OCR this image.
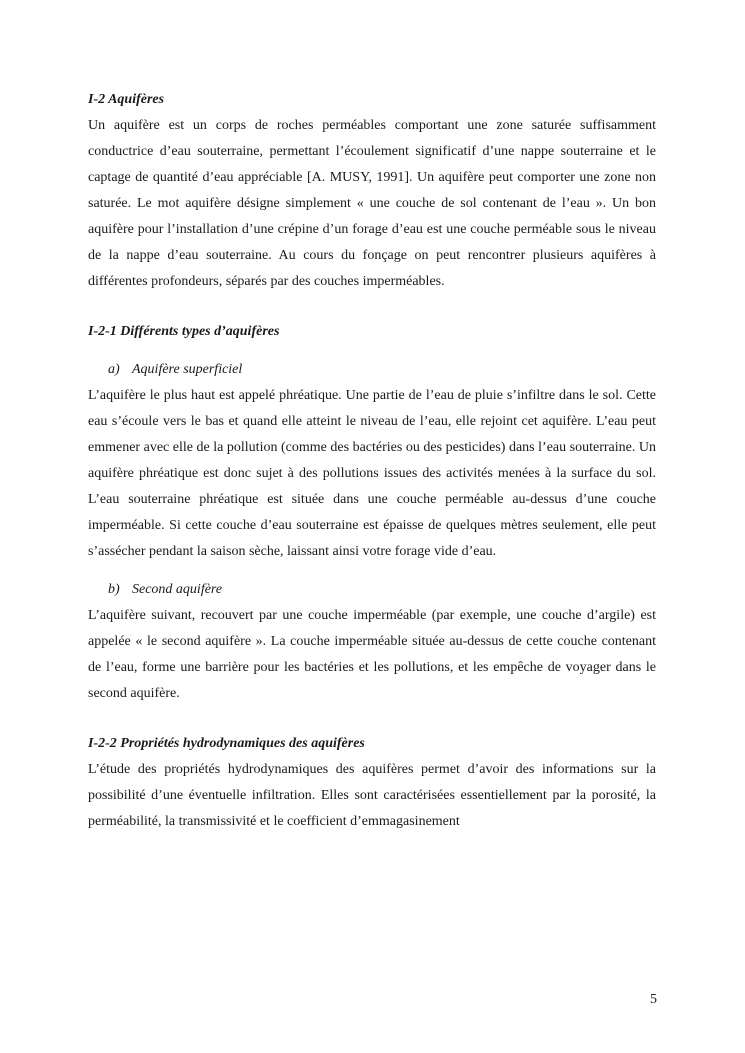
I-2 Aquifères

Un aquifère est un corps de roches perméables comportant une zone saturée suffisamment conductrice d’eau souterraine, permettant l’écoulement significatif d’une nappe souterraine et le captage de quantité d’eau appréciable [A. MUSY, 1991]. Un aquifère peut comporter une zone non saturée. Le mot aquifère désigne simplement « une couche de sol contenant de l’eau ». Un bon aquifère pour l’installation d’une crépine d’un forage d’eau est une couche perméable sous le niveau de la nappe d’eau souterraine. Au cours du fonçage on peut rencontrer plusieurs aquifères à différentes profondeurs, séparés par des couches imperméables.

I-2-1 Différents types d’aquifères

a) Aquifère superficiel

L’aquifère le plus haut est appelé phréatique. Une partie de l’eau de pluie s’infiltre dans le sol. Cette eau s’écoule vers le bas et quand elle atteint le niveau de l’eau, elle rejoint cet aquifère. L’eau peut emmener avec elle de la pollution (comme des bactéries ou des pesticides) dans l’eau souterraine. Un aquifère phréatique est donc sujet à des pollutions issues des activités menées à la surface du sol. L’eau souterraine phréatique est située dans une couche perméable au-dessus d’une couche imperméable. Si cette couche d’eau souterraine est épaisse de quelques mètres seulement, elle peut s’assécher pendant la saison sèche, laissant ainsi votre forage vide d’eau.

b) Second aquifère

L’aquifère suivant, recouvert par une couche imperméable (par exemple, une couche d’argile) est appelée « le second aquifère ». La couche imperméable située au-dessus de cette couche contenant de l’eau, forme une barrière pour les bactéries et les pollutions, et les empêche de voyager dans le second aquifère.

I-2-2 Propriétés hydrodynamiques des aquifères

L’étude des propriétés hydrodynamiques des aquifères permet d’avoir des informations sur la possibilité d’une éventuelle infiltration. Elles sont caractérisées essentiellement par la porosité, la perméabilité, la transmissivité et le coefficient d’emmagasinement

5
